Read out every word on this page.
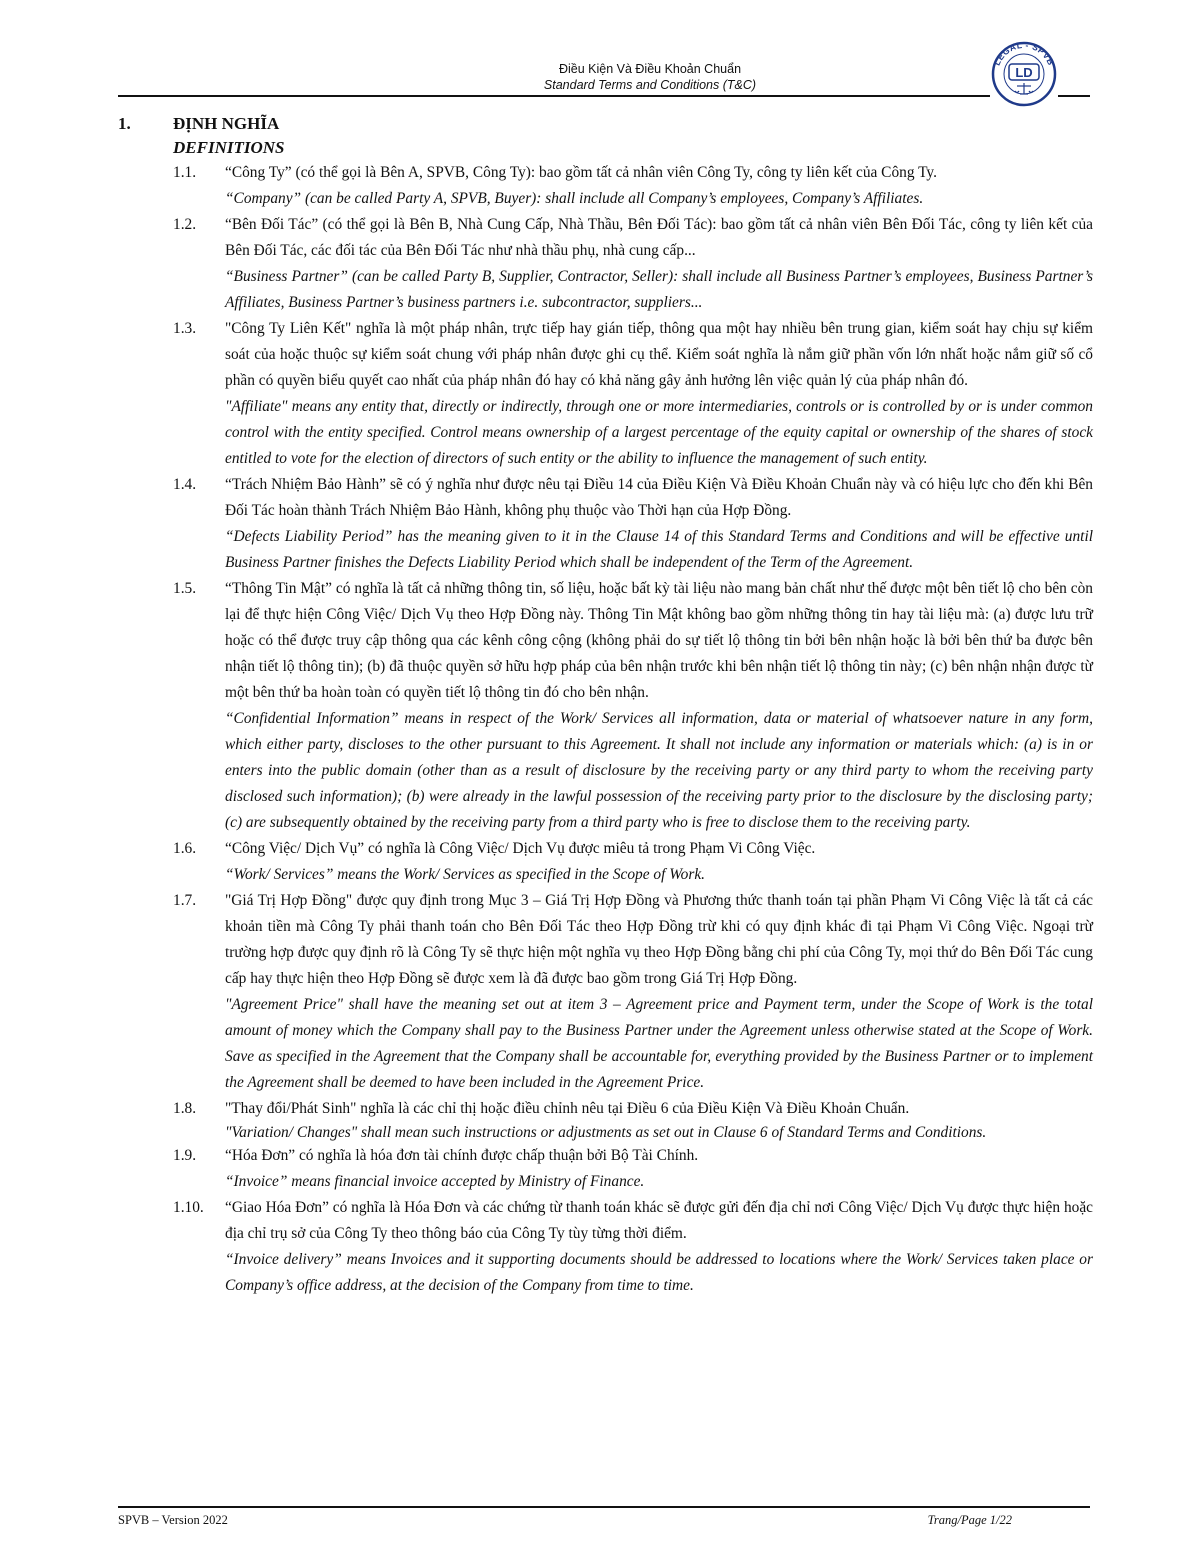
Điều Kiện Và Điều Khoản Chuẩn
Standard Terms and Conditions (T&C)
LEGAL - SPVB
LD
1.	ĐỊNH NGHĨA
DEFINITIONS
1.1.	“Công Ty” (có thể gọi là Bên A, SPVB, Công Ty): bao gồm tất cả nhân viên Công Ty, công ty liên kết của Công Ty.

“Company” (can be called Party A, SPVB, Buyer): shall include all Company’s employees, Company’s Affiliates.

1.2.	“Bên Đối Tác” (có thể gọi là Bên B, Nhà Cung Cấp, Nhà Thầu, Bên Đối Tác): bao gồm tất cả nhân viên Bên Đối Tác, công ty liên kết của Bên Đối Tác, các đối tác của Bên Đối Tác như nhà thầu phụ, nhà cung cấp...

“Business Partner” (can be called Party B, Supplier, Contractor, Seller): shall include all Business Partner’s employees, Business Partner’s Affiliates, Business Partner’s business partners i.e. subcontractor, suppliers...

1.3.	"Công Ty Liên Kết" nghĩa là một pháp nhân, trực tiếp hay gián tiếp, thông qua một hay nhiều bên trung gian, kiểm soát hay chịu sự kiểm soát của hoặc thuộc sự kiểm soát chung với pháp nhân được ghi cụ thể. Kiểm soát nghĩa là nắm giữ phần vốn lớn nhất hoặc nắm giữ số cổ phần có quyền biểu quyết cao nhất của pháp nhân đó hay có khả năng gây ảnh hưởng lên việc quản lý của pháp nhân đó.

"Affiliate" means any entity that, directly or indirectly, through one or more intermediaries, controls or is controlled by or is under common control with the entity specified. Control means ownership of a largest percentage of the equity capital or ownership of the shares of stock entitled to vote for the election of directors of such entity or the ability to influence the management of such entity.

1.4.	“Trách Nhiệm Bảo Hành” sẽ có ý nghĩa như được nêu tại Điều 14 của Điều Kiện Và Điều Khoản Chuẩn này và có hiệu lực cho đến khi Bên Đối Tác hoàn thành Trách Nhiệm Bảo Hành, không phụ thuộc vào Thời hạn của Hợp Đồng.

“Defects Liability Period” has the meaning given to it in the Clause 14 of this Standard Terms and Conditions and will be effective until Business Partner finishes the Defects Liability Period which shall be independent of the Term of the Agreement.

1.5.	“Thông Tin Mật” có nghĩa là tất cả những thông tin, số liệu, hoặc bất kỳ tài liệu nào mang bản chất như thế được một bên tiết lộ cho bên còn lại để thực hiện Công Việc/ Dịch Vụ theo Hợp Đồng này. Thông Tin Mật không bao gồm những thông tin hay tài liệu mà: (a) được lưu trữ hoặc có thể được truy cập thông qua các kênh công cộng (không phải do sự tiết lộ thông tin bởi bên nhận hoặc là bởi bên thứ ba được bên nhận tiết lộ thông tin); (b) đã thuộc quyền sở hữu hợp pháp của bên nhận trước khi bên nhận tiết lộ thông tin này; (c) bên nhận nhận được từ một bên thứ ba hoàn toàn có quyền tiết lộ thông tin đó cho bên nhận.

“Confidential Information” means in respect of the Work/ Services all information, data or material of whatsoever nature in any form, which either party, discloses to the other pursuant to this Agreement. It shall not include any information or materials which: (a) is in or enters into the public domain (other than as a result of disclosure by the receiving party or any third party to whom the receiving party disclosed such information); (b) were already in the lawful possession of the receiving party prior to the disclosure by the disclosing party; (c) are subsequently obtained by the receiving party from a third party who is free to disclose them to the receiving party.

1.6.	“Công Việc/ Dịch Vụ” có nghĩa là Công Việc/ Dịch Vụ được miêu tả trong Phạm Vi Công Việc.

“Work/ Services” means the Work/ Services as specified in the Scope of Work.

1.7.	"Giá Trị Hợp Đồng" được quy định trong Mục 3 – Giá Trị Hợp Đồng và Phương thức thanh toán tại phần Phạm Vi Công Việc là tất cả các khoản tiền mà Công Ty phải thanh toán cho Bên Đối Tác theo Hợp Đồng trừ khi có quy định khác đi tại Phạm Vi Công Việc. Ngoại trừ trường hợp được quy định rõ là Công Ty sẽ thực hiện một nghĩa vụ theo Hợp Đồng bằng chi phí của Công Ty, mọi thứ do Bên Đối Tác cung cấp hay thực hiện theo Hợp Đồng sẽ được xem là đã được bao gồm trong Giá Trị Hợp Đồng.

"Agreement Price" shall have the meaning set out at item 3 – Agreement price and Payment term, under the Scope of Work is the total amount of money which the Company shall pay to the Business Partner under the Agreement unless otherwise stated at the Scope of Work. Save as specified in the Agreement that the Company shall be accountable for, everything provided by the Business Partner or to implement the Agreement shall be deemed to have been included in the Agreement Price.

1.8.	"Thay đổi/Phát Sinh" nghĩa là các chỉ thị hoặc điều chỉnh nêu tại Điều 6 của Điều Kiện Và Điều Khoản Chuẩn.

"Variation/ Changes" shall mean such instructions or adjustments as set out in Clause 6 of Standard Terms and Conditions.

1.9.	“Hóa Đơn” có nghĩa là hóa đơn tài chính được chấp thuận bởi Bộ Tài Chính.

“Invoice” means financial invoice accepted by Ministry of Finance.

1.10.	“Giao Hóa Đơn” có nghĩa là Hóa Đơn và các chứng từ thanh toán khác sẽ được gửi đến địa chỉ nơi Công Việc/ Dịch Vụ được thực hiện hoặc địa chỉ trụ sở của Công Ty theo thông báo của Công Ty tùy từng thời điểm.

“Invoice delivery” means Invoices and it supporting documents should be addressed to locations where the Work/ Services taken place or Company’s office address, at the decision of the Company from time to time.

SPVB – Version 2022	Trang/Page 1/22
